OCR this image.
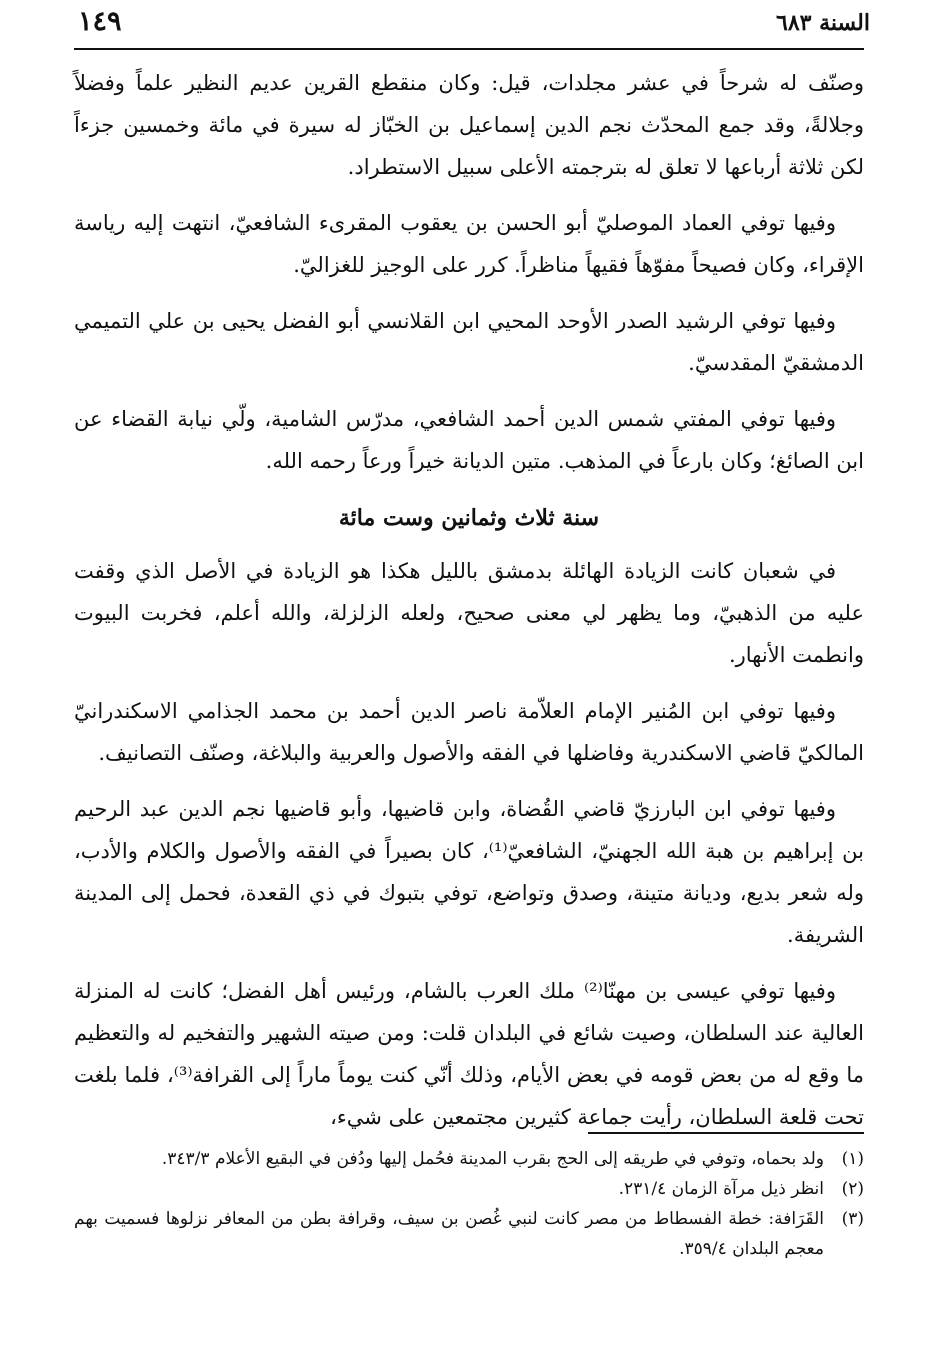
١٤٩	السنة ٦٨٣

وصنّف له شرحاً في عشر مجلدات، قيل: وكان منقطع القرين عديم النظير علماً وفضلاً وجلالةً، وقد جمع المحدّث نجم الدين إسماعيل بن الخبّاز له سيرة في مائة وخمسين جزءاً لكن ثلاثة أرباعها لا تعلق له بترجمته الأعلى سبيل الاستطراد.

وفيها توفي العماد الموصليّ أبو الحسن بن يعقوب المقرىء الشافعيّ، انتهت إليه رياسة الإقراء، وكان فصيحاً مفوّهاً فقيهاً مناظراً. كرر على الوجيز للغزاليّ.

وفيها توفي الرشيد الصدر الأوحد المحيي ابن القلانسي أبو الفضل يحيى بن علي التميمي الدمشقيّ المقدسيّ.

وفيها توفي المفتي شمس الدين أحمد الشافعي، مدرّس الشامية، ولّي نيابة القضاء عن ابن الصائغ؛ وكان بارعاً في المذهب. متين الديانة خيراً ورعاً رحمه الله.

سنة ثلاث وثمانين وست مائة

في شعبان كانت الزيادة الهائلة بدمشق بالليل هكذا هو الزيادة في الأصل الذي وقفت عليه من الذهبيّ، وما يظهر لي معنى صحيح، ولعله الزلزلة، والله أعلم، فخربت البيوت وانطمت الأنهار.

وفيها توفي ابن المُنير الإمام العلاّمة ناصر الدين أحمد بن محمد الجذامي الاسكندرانيّ المالكيّ قاضي الاسكندرية وفاضلها في الفقه والأصول والعربية والبلاغة، وصنّف التصانيف.

وفيها توفي ابن البارزيّ قاضي القُضاة، وابن قاضيها، وأبو قاضيها نجم الدين عبد الرحيم بن إبراهيم بن هبة الله الجهنيّ، الشافعيّ⁽¹⁾، كان بصيراً في الفقه والأصول والكلام والأدب، وله شعر بديع، وديانة متينة، وصدق وتواضع، توفي بتبوك في ذي القعدة، فحمل إلى المدينة الشريفة.

وفيها توفي عيسى بن مهنّا⁽²⁾ ملك العرب بالشام، ورئيس أهل الفضل؛ كانت له المنزلة العالية عند السلطان، وصيت شائع في البلدان قلت: ومن صيته الشهير والتفخيم له والتعظيم ما وقع له من بعض قومه في بعض الأيام، وذلك أنّي كنت يوماً ماراً إلى القرافة⁽³⁾، فلما بلغت تحت قلعة السلطان، رأيت جماعة كثيرين مجتمعين على شيء،

(١)
ولد بحماه، وتوفي في طريقه إلى الحج بقرب المدينة فحُمل إليها ودُفن في البقيع الأعلام ٣٤٣/٣.
(٢)
انظر ذيل مرآة الزمان ٢٣١/٤.
(٣)
القَرَافة: خطة الفسطاط من مصر كانت لنبي غُصن بن سيف، وقرافة بطن من المعافر نزلوها فسميت بهم معجم البلدان ٣٥٩/٤.
